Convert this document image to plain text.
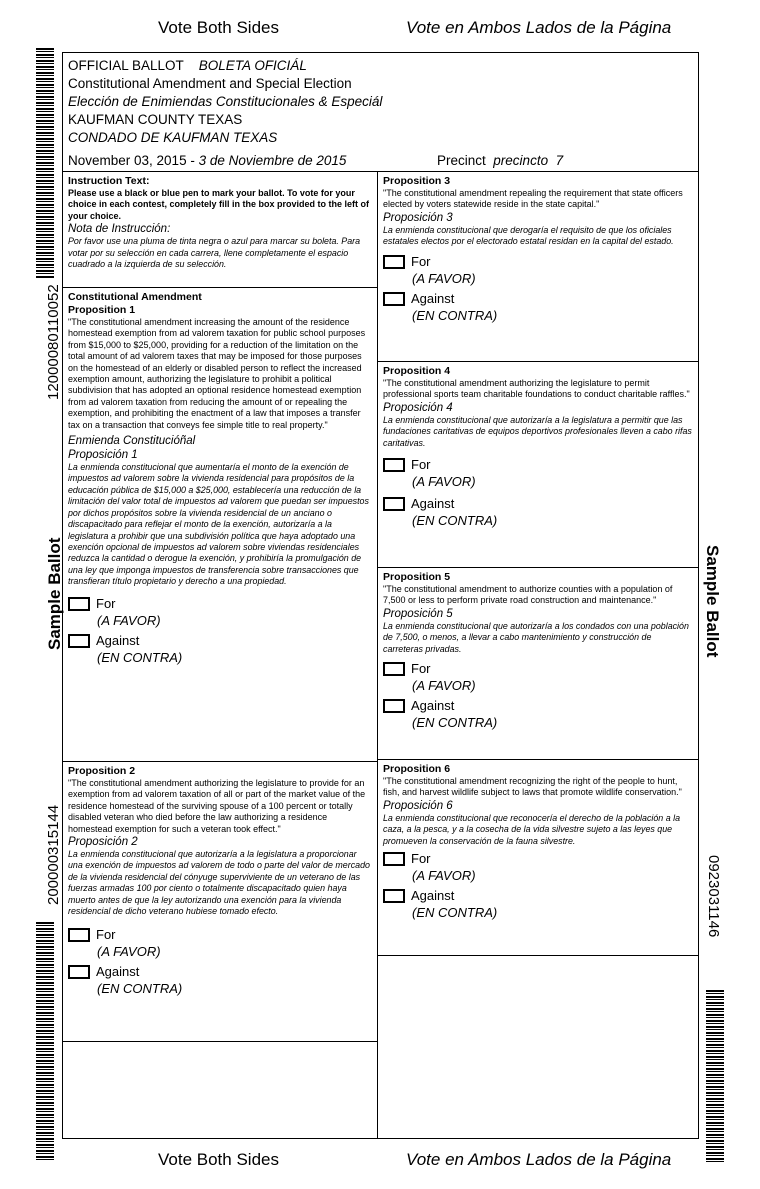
Vote Both Sides	Vote en Ambos Lados de la Página
12000080110052
Sample Ballot
200000315144
Sample Ballot
0923031146
OFFICIAL BALLOT BOLETA OFICIÁL
Constitutional Amendment and Special Election
Elección de Enimiendas Constitucionales & Especiál
KAUFMAN COUNTY TEXAS
CONDADO DE KAUFMAN TEXAS
November 03, 2015 - 3 de Noviembre de 2015	Precinct precincto 7
Instruction Text:
Please use a black or blue pen to mark your ballot. To vote for your choice in each contest, completely fill in the box provided to the left of your choice.
Nota de Instrucción:
Por favor use una pluma de tinta negra o azul para marcar su boleta. Para votar por su selección en cada carrera, llene completamente el espacio cuadrado a la izquierda de su selección.
Constitutional Amendment
Proposition 1
"The constitutional amendment increasing the amount of the residence homestead exemption from ad valorem taxation for public school purposes from $15,000 to $25,000, providing for a reduction of the limitation on the total amount of ad valorem taxes that may be imposed for those purposes on the homestead of an elderly or disabled person to reflect the increased exemption amount, authorizing the legislature to prohibit a political subdivision that has adopted an optional residence homestead exemption from ad valorem taxation from reducing the amount of or repealing the exemption, and prohibiting the enactment of a law that imposes a transfer tax on a transaction that conveys fee simple title to real property."
Enmienda Constitucióñal
Proposición 1
La enmienda constitucional que aumentaría el monto de la exención de impuestos ad valorem sobre la vivienda residencial para propósitos de la educación pública de $15,000 a $25,000, establecería una reducción de la limitación del valor total de impuestos ad valorem que puedan ser impuestos por dichos propósitos sobre la vivienda residencial de un anciano o discapacitado para reflejar el monto de la exención, autorizaría a la legislatura a prohibir que una subdivisión política que haya adoptado una exención opcional de impuestos ad valorem sobre viviendas residenciales reduzca la cantidad o derogue la exención, y prohibiría la promulgación de una ley que imponga impuestos de transferencia sobre transacciones que transfieran título propietario y derecho a una propiedad.
For
(A FAVOR)
Against
(EN CONTRA)
Proposition 2
"The constitutional amendment authorizing the legislature to provide for an exemption from ad valorem taxation of all or part of the market value of the residence homestead of the surviving spouse of a 100 percent or totally disabled veteran who died before the law authorizing a residence homestead exemption for such a veteran took effect."
Proposición 2
La enmienda constitucional que autorizaría a la legislatura a proporcionar una exención de impuestos ad valorem de todo o parte del valor de mercado de la vivienda residencial del cónyuge superviviente de un veterano de las fuerzas armadas 100 por ciento o totalmente discapacitado quien haya muerto antes de que la ley autorizando una exención para la vivienda residencial de dicho veterano hubiese tomado efecto.
For
(A FAVOR)
Against
(EN CONTRA)
Proposition 3
"The constitutional amendment repealing the requirement that state officers elected by voters statewide reside in the state capital."
Proposición 3
La enmienda constitucional que derogaría el requisito de que los oficiales estatales electos por el electorado estatal residan en la capital del estado.
For
(A FAVOR)
Against
(EN CONTRA)
Proposition 4
"The constitutional amendment authorizing the legislature to permit professional sports team charitable foundations to conduct charitable raffles."
Proposición 4
La enmienda constitucional que autorizaría a la legislatura a permitir que las fundaciones caritativas de equipos deportivos profesionales lleven a cabo rifas caritativas.
For
(A FAVOR)
Against
(EN CONTRA)
Proposition 5
"The constitutional amendment to authorize counties with a population of 7,500 or less to perform private road construction and maintenance."
Proposición 5
La enmienda constitucional que autorizaría a los condados con una población de 7,500, o menos, a llevar a cabo mantenimiento y construcción de carreteras privadas.
For
(A FAVOR)
Against
(EN CONTRA)
Proposition 6
"The constitutional amendment recognizing the right of the people to hunt, fish, and harvest wildlife subject to laws that promote wildlife conservation."
Proposición 6
La enmienda constitucional que reconocería el derecho de la población a la caza, a la pesca, y a la cosecha de la vida silvestre sujeto a las leyes que promueven la conservación de la fauna silvestre.
For
(A FAVOR)
Against
(EN CONTRA)
Vote Both Sides	Vote en Ambos Lados de la Página
